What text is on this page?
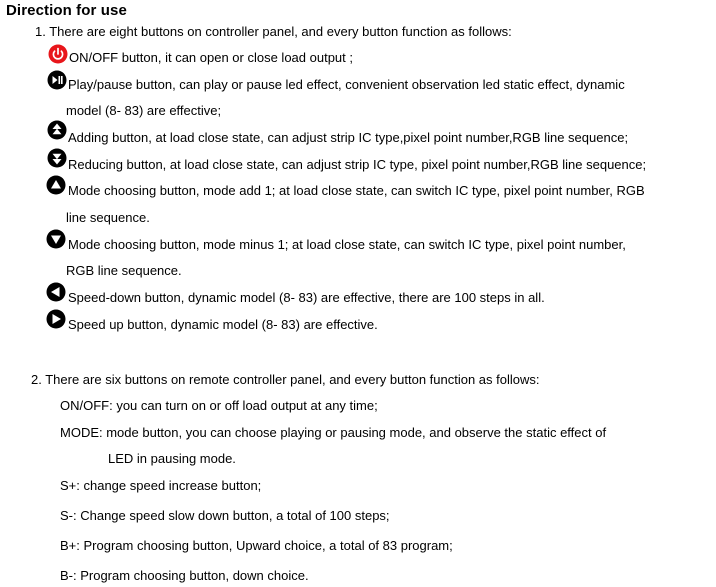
Direction for use
1. There are eight buttons on controller panel, and every button function as follows:
ON/OFF button, it can open or close load output ;
Play/pause button, can play or pause led effect, convenient observation led static effect, dynamic
model (8- 83) are effective;
Adding button, at load close state, can adjust strip IC type,pixel point number,RGB line sequence;
Reducing button, at load close state, can adjust strip IC type, pixel point number,RGB line sequence;
Mode choosing button, mode add 1; at load close state, can switch IC type, pixel point number, RGB
line sequence.
Mode choosing button, mode minus 1; at load close state, can switch IC type, pixel point number,
RGB line sequence.
Speed-down button, dynamic model (8- 83) are effective, there are 100 steps in all.
Speed up button, dynamic model (8- 83) are effective.
2. There are six buttons on remote controller panel, and every button function as follows:
ON/OFF: you can turn on or off load output at any time;
MODE: mode button, you can choose playing or pausing mode, and observe the static effect of
LED in pausing mode.
S+: change speed increase button;
S-: Change speed slow down button, a total of 100 steps;
B+: Program choosing button, Upward choice, a total of 83 program;
B-: Program choosing button, down choice.
